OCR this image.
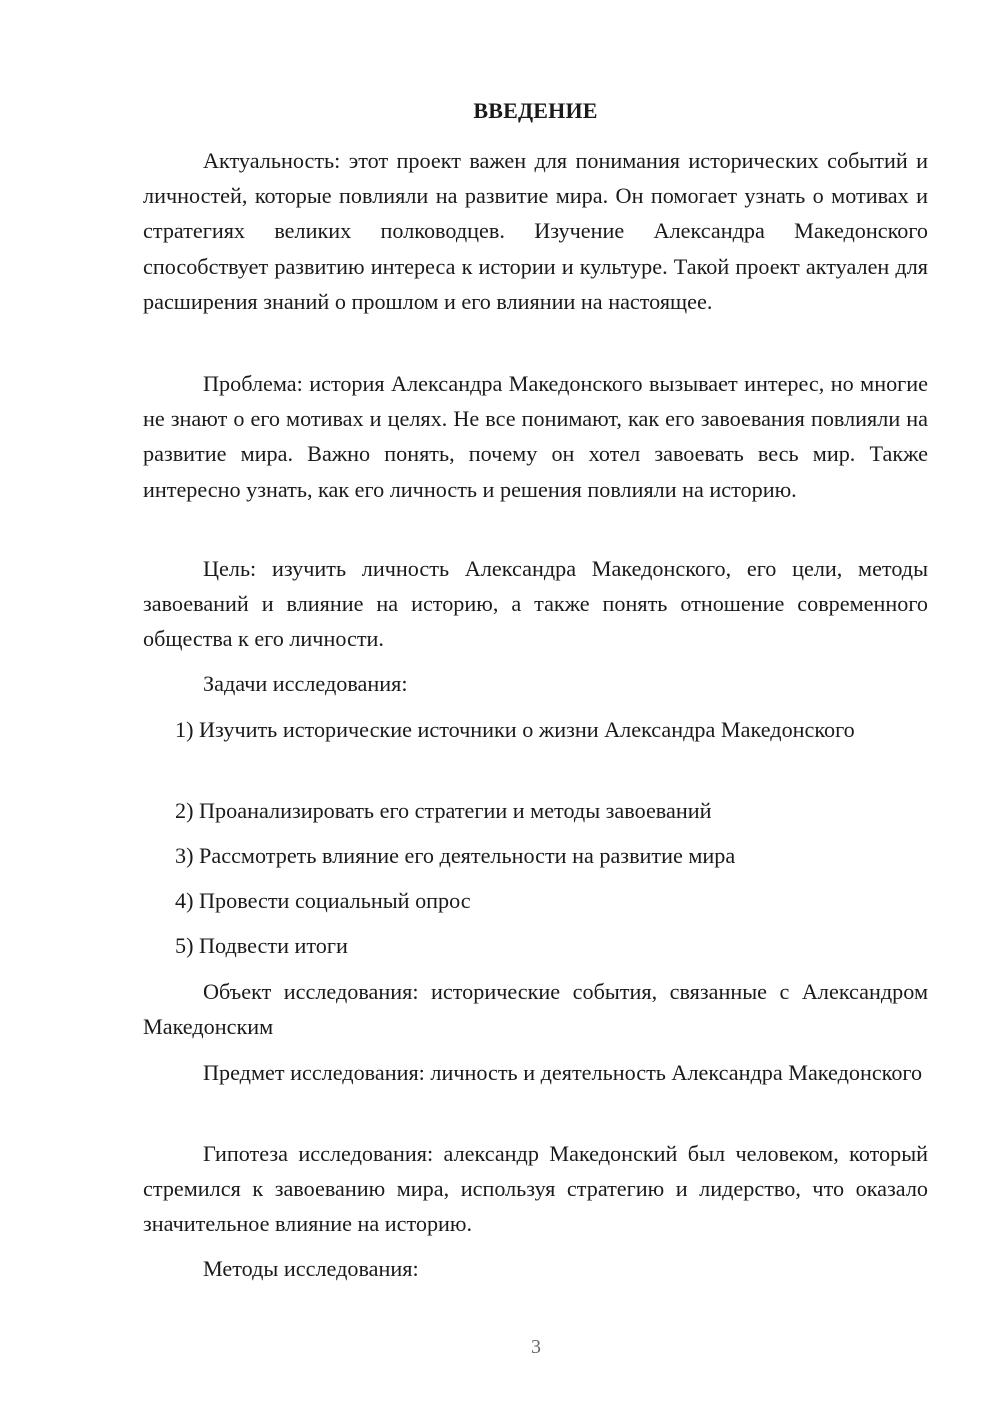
ВВЕДЕНИЕ

Актуальность: этот проект важен для понимания исторических событий и личностей, которые повлияли на развитие мира. Он помогает узнать о мотивах и стратегиях великих полководцев. Изучение Александра Македонского способствует развитию интереса к истории и культуре. Такой проект актуален для расширения знаний о прошлом и его влиянии на настоящее.

Проблема: история Александра Македонского вызывает интерес, но многие не знают о его мотивах и целях. Не все понимают, как его завоевания повлияли на развитие мира. Важно понять, почему он хотел завоевать весь мир. Также интересно узнать, как его личность и решения повлияли на историю.

Цель: изучить личность Александра Македонского, его цели, методы завоеваний и влияние на историю, а также понять отношение современного общества к его личности.

Задачи исследования:

1) Изучить исторические источники о жизни Александра Македонского

2) Проанализировать его стратегии и методы завоеваний

3) Рассмотреть влияние его деятельности на развитие мира

4) Провести социальный опрос

5) Подвести итоги

Объект исследования: исторические события, связанные с Александром Македонским

Предмет исследования: личность и деятельность Александра Македонского

Гипотеза исследования: александр Македонский был человеком, который стремился к завоеванию мира, используя стратегию и лидерство, что оказало значительное влияние на историю.

Методы исследования:

3
